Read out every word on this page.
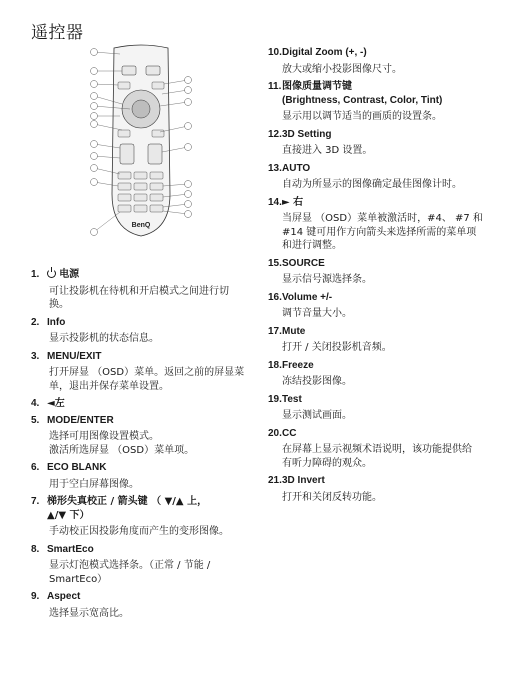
遥控器
BenQ
1. 电源
可让投影机在待机和开启模式之间进行切
换。
2. Info
显示投影机的状态信息。
3. MENU/EXIT
打开屏显 （OSD）菜单。返回之前的屏显菜
单，退出并保存菜单设置。
4. ◄左
5. MODE/ENTER
选择可用图像设置模式。
激活所选屏显 （OSD）菜单项。
6. ECO BLANK
用于空白屏幕图像。
7. 梯形失真校正 / 箭头键 （ ▼/▲ 上，
▲/▼ 下）
手动校正因投影角度而产生的变形图像。
8. SmartEco
显示灯泡模式选择条。（正常 / 节能 /
SmartEco）
9. Aspect
选择显示宽高比。
10. Digital Zoom (+, -)
放大或缩小投影图像尺寸。
11. 图像质量调节键
(Brightness, Contrast, Color, Tint)
显示用以调节适当的画质的设置条。
12. 3D Setting
直接进入 3D 设置。
13. AUTO
自动为所显示的图像确定最佳图像计时。
14. ► 右
当屏显 （OSD）菜单被激活时，#4、 #7 和
#14 键可用作方向箭头来选择所需的菜单项
和进行调整。
15. SOURCE
显示信号源选择条。
16. Volume +/-
调节音量大小。
17. Mute
打开 / 关闭投影机音频。
18. Freeze
冻结投影图像。
19. Test
显示测试画面。
20. CC
在屏幕上显示视频术语说明，该功能提供给
有听力障碍的观众。
21. 3D Invert
打开和关闭反转功能。
